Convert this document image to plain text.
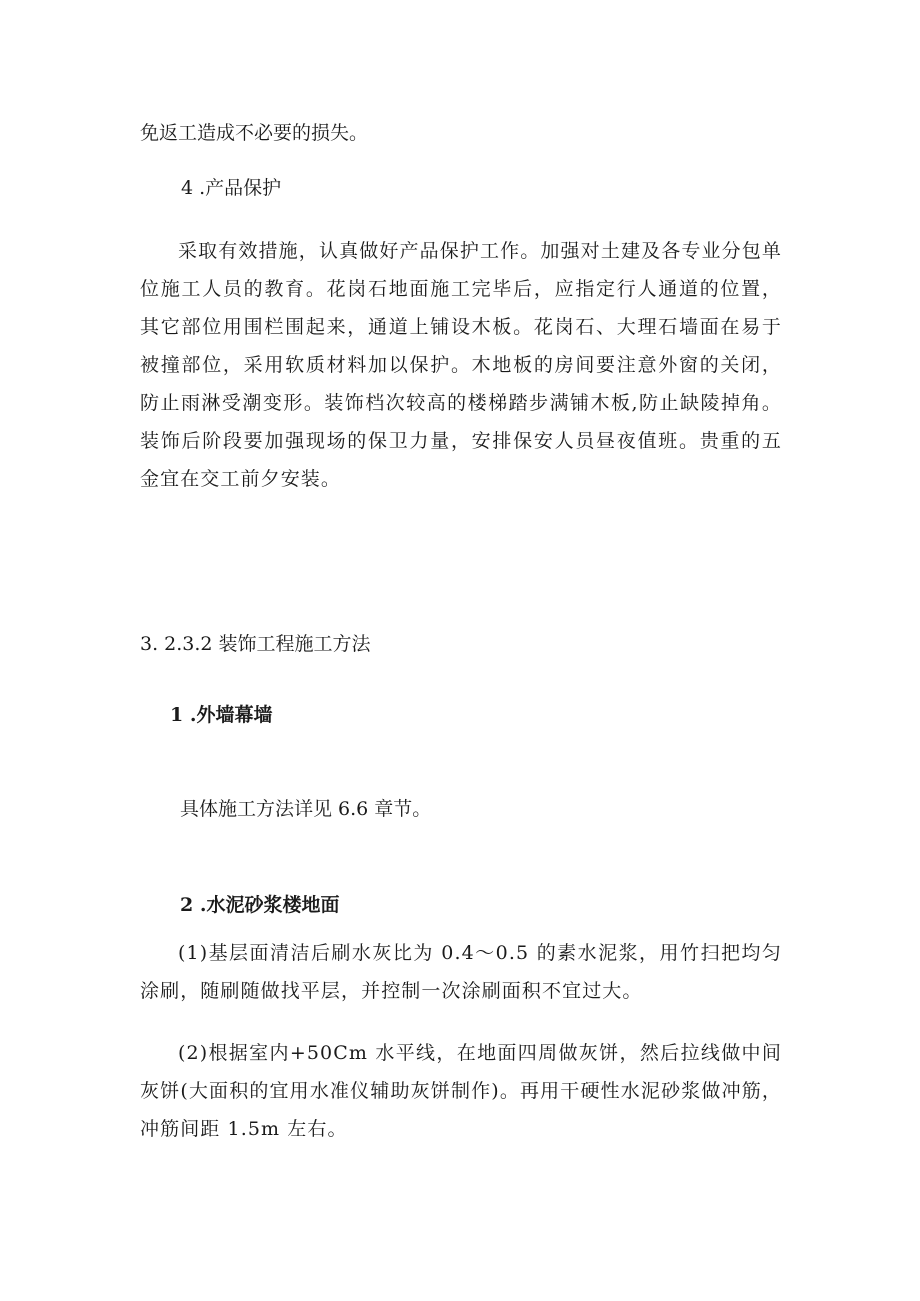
免返工造成不必要的损失。
4 .产品保护

采取有效措施，认真做好产品保护工作。加强对土建及各专业分包单位施工人员的教育。花岗石地面施工完毕后，应指定行人通道的位置，其它部位用围栏围起来，通道上铺设木板。花岗石、大理石墙面在易于被撞部位，采用软质材料加以保护。木地板的房间要注意外窗的关闭，防止雨淋受潮变形。装饰档次较高的楼梯踏步满铺木板,防止缺陵掉角。装饰后阶段要加强现场的保卫力量，安排保安人员昼夜值班。贵重的五金宜在交工前夕安装。

3. 2.3.2 装饰工程施工方法
1 .外墙幕墙
具体施工方法详见 6.6 章节。
2 .水泥砂浆楼地面

(1)基层面清洁后刷水灰比为 0.4～0.5 的素水泥浆，用竹扫把均匀涂刷，随刷随做找平层，并控制一次涂刷面积不宜过大。

(2)根据室内+50Cm 水平线，在地面四周做灰饼，然后拉线做中间灰饼(大面积的宜用水准仪辅助灰饼制作)。再用干硬性水泥砂浆做冲筋，冲筋间距 1.5m 左右。
